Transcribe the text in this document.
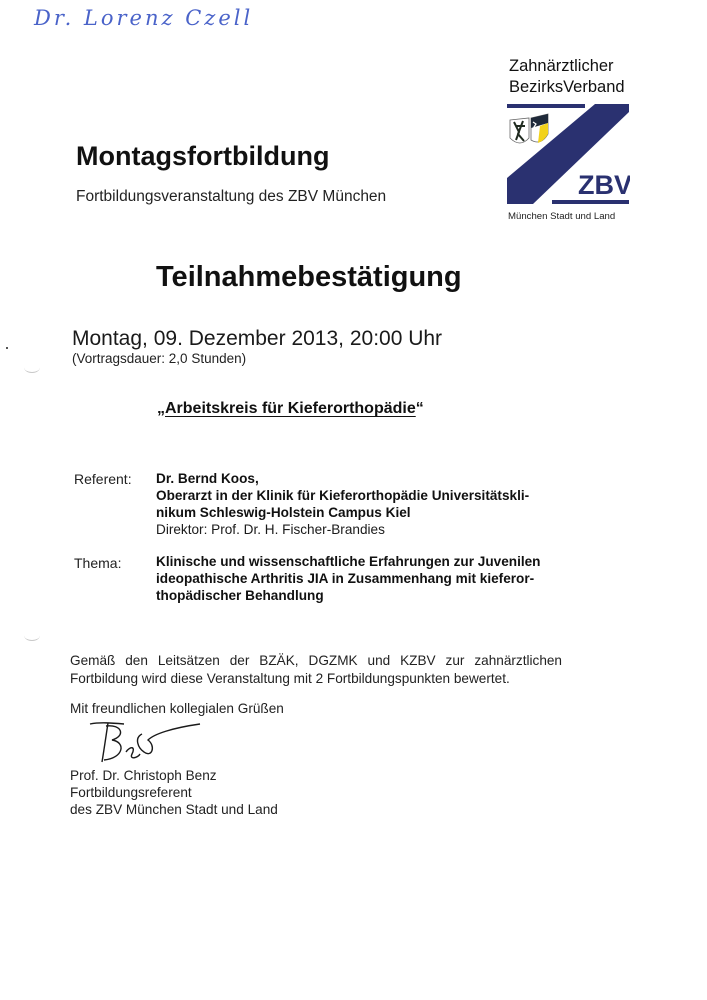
Dr. Lorenz Czell
Zahnärztlicher
BezirksVerband
ZBV
München Stadt und Land
Montagsfortbildung
Fortbildungsveranstaltung des ZBV München
Teilnahmebestätigung
Montag, 09. Dezember 2013, 20:00 Uhr
(Vortragsdauer: 2,0 Stunden)
„Arbeitskreis für Kieferorthopädie“
Referent: Dr. Bernd Koos,
Oberarzt in der Klinik für Kieferorthopädie Universitätskli-
nikum Schleswig-Holstein Campus Kiel
Direktor: Prof. Dr. H. Fischer-Brandies
Thema:	Klinische und wissenschaftliche Erfahrungen zur Juvenilen
ideopathische Arthritis JIA in Zusammenhang mit kieferor-
thopädischer Behandlung
Gemäß den Leitsätzen der BZÄK, DGZMK und KZBV zur zahnärztlichen
Fortbildung wird diese Veranstaltung mit 2 Fortbildungspunkten bewertet.
Mit freundlichen kollegialen Grüßen
Prof. Dr. Christoph Benz
Fortbildungsreferent
des ZBV München Stadt und Land
